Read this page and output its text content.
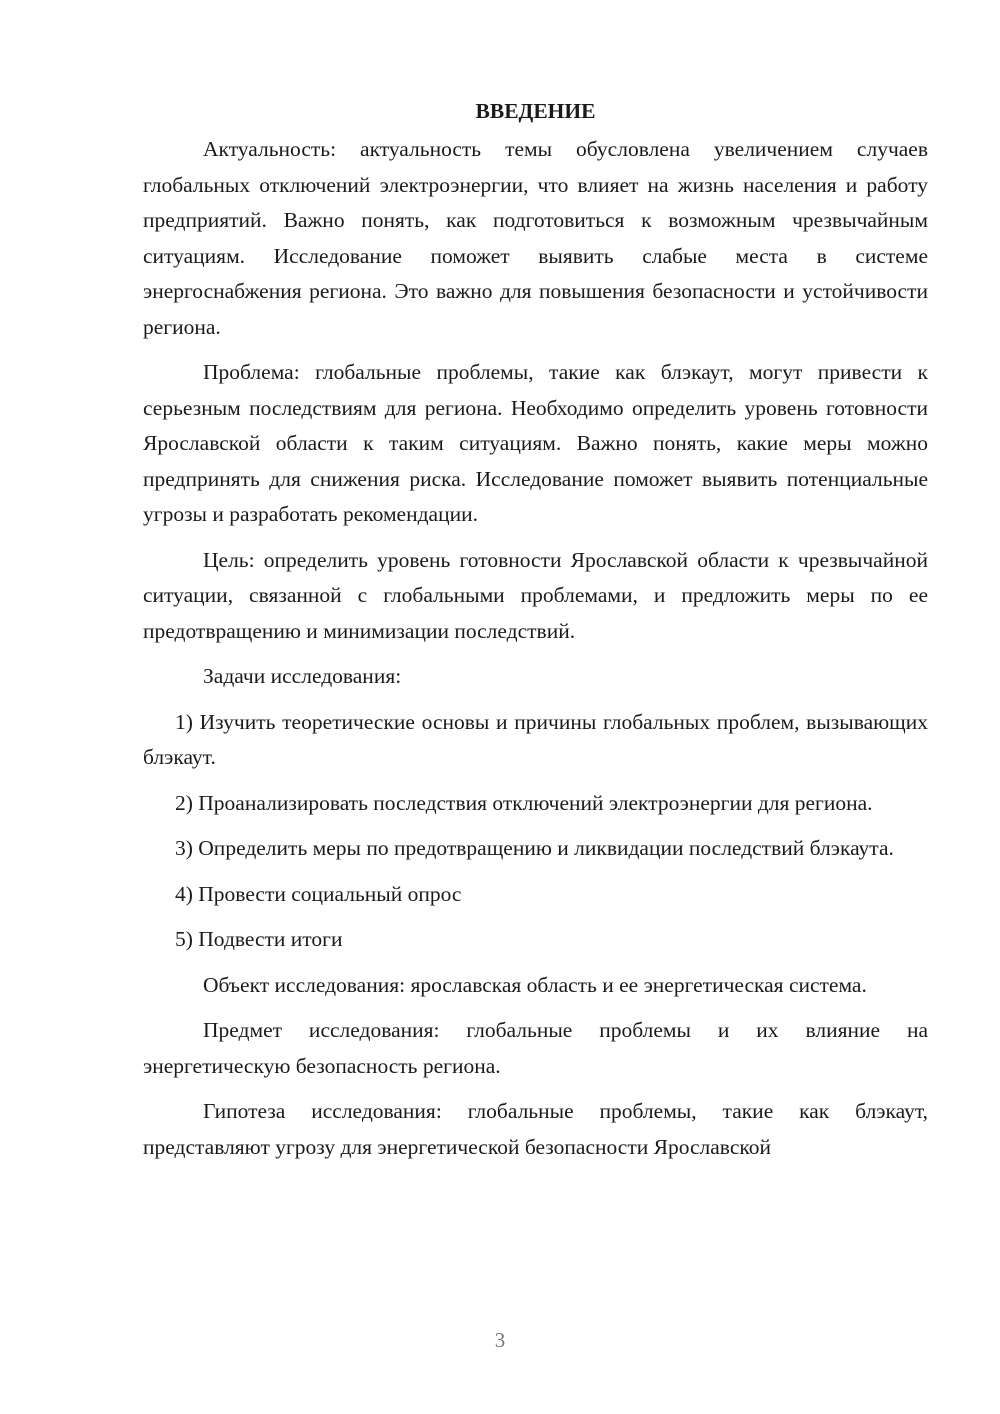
ВВЕДЕНИЕ

Актуальность: актуальность темы обусловлена увеличением случаев глобальных отключений электроэнергии, что влияет на жизнь населения и работу предприятий. Важно понять, как подготовиться к возможным чрезвычайным ситуациям. Исследование поможет выявить слабые места в системе энергоснабжения региона. Это важно для повышения безопасности и устойчивости региона.

Проблема: глобальные проблемы, такие как блэкаут, могут привести к серьезным последствиям для региона. Необходимо определить уровень готовности Ярославской области к таким ситуациям. Важно понять, какие меры можно предпринять для снижения риска. Исследование поможет выявить потенциальные угрозы и разработать рекомендации.

Цель: определить уровень готовности Ярославской области к чрезвычайной ситуации, связанной с глобальными проблемами, и предложить меры по ее предотвращению и минимизации последствий.

Задачи исследования:

1) Изучить теоретические основы и причины глобальных проблем, вызывающих блэкаут.

2) Проанализировать последствия отключений электроэнергии для региона.

3) Определить меры по предотвращению и ликвидации последствий блэкаута.

4) Провести социальный опрос

5) Подвести итоги

Объект исследования: ярославская область и ее энергетическая система.

Предмет исследования: глобальные проблемы и их влияние на энергетическую безопасность региона.

Гипотеза исследования: глобальные проблемы, такие как блэкаут, представляют угрозу для энергетической безопасности Ярославской

3
